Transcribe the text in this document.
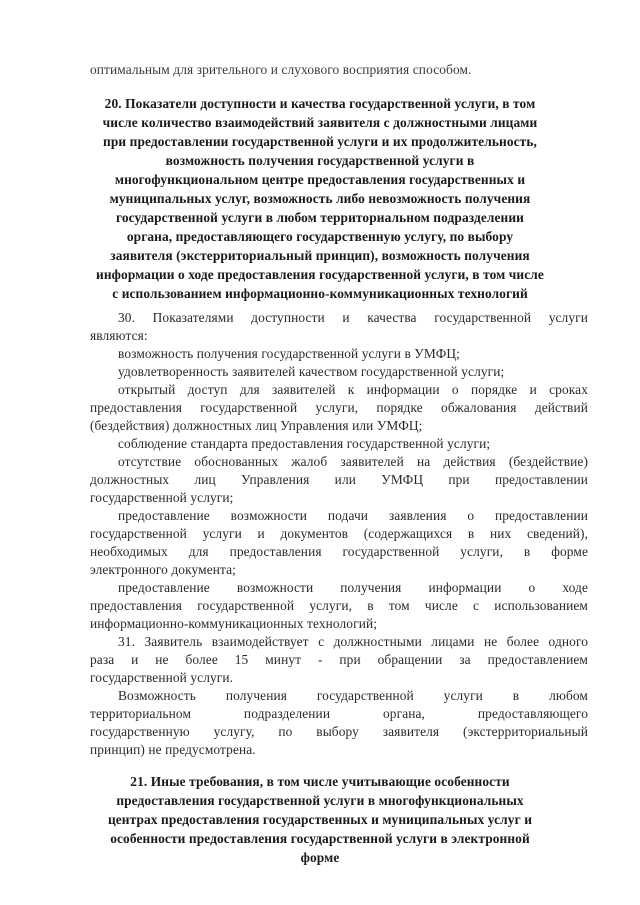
оптимальным для зрительного и слухового восприятия способом.
20. Показатели доступности и качества государственной услуги, в том
числе количество взаимодействий заявителя с должностными лицами
при предоставлении государственной услуги и их продолжительность,
возможность получения государственной услуги в
многофункциональном центре предоставления государственных и
муниципальных услуг, возможность либо невозможность получения
государственной услуги в любом территориальном подразделении
органа, предоставляющего государственную услугу, по выбору
заявителя (экстерриториальный принцип), возможность получения
информации о ходе предоставления государственной услуги, в том числе
с использованием информационно-коммуникационных технологий
30. Показателями доступности и качества государственной услуги
являются:
возможность получения государственной услуги в УМФЦ;
удовлетворенность заявителей качеством государственной услуги;
открытый доступ для заявителей к информации о порядке и сроках
предоставления государственной услуги, порядке обжалования действий
(бездействия) должностных лиц Управления или УМФЦ;
соблюдение стандарта предоставления государственной услуги;
отсутствие обоснованных жалоб заявителей на действия (бездействие)
должностных лиц Управления или УМФЦ при предоставлении
государственной услуги;
предоставление возможности подачи заявления о предоставлении
государственной услуги и документов (содержащихся в них сведений),
необходимых для предоставления государственной услуги, в форме
электронного документа;
предоставление возможности получения информации о ходе
предоставления государственной услуги, в том числе с использованием
информационно-коммуникационных технологий;
31. Заявитель взаимодействует с должностными лицами не более одного
раза и не более 15 минут - при обращении за предоставлением
государственной услуги.
Возможность получения государственной услуги в любом
территориальном подразделении органа, предоставляющего
государственную услугу, по выбору заявителя (экстерриториальный
принцип) не предусмотрена.
21. Иные требования, в том числе учитывающие особенности
предоставления государственной услуги в многофункциональных
центрах предоставления государственных и муниципальных услуг и
особенности предоставления государственной услуги в электронной
форме
